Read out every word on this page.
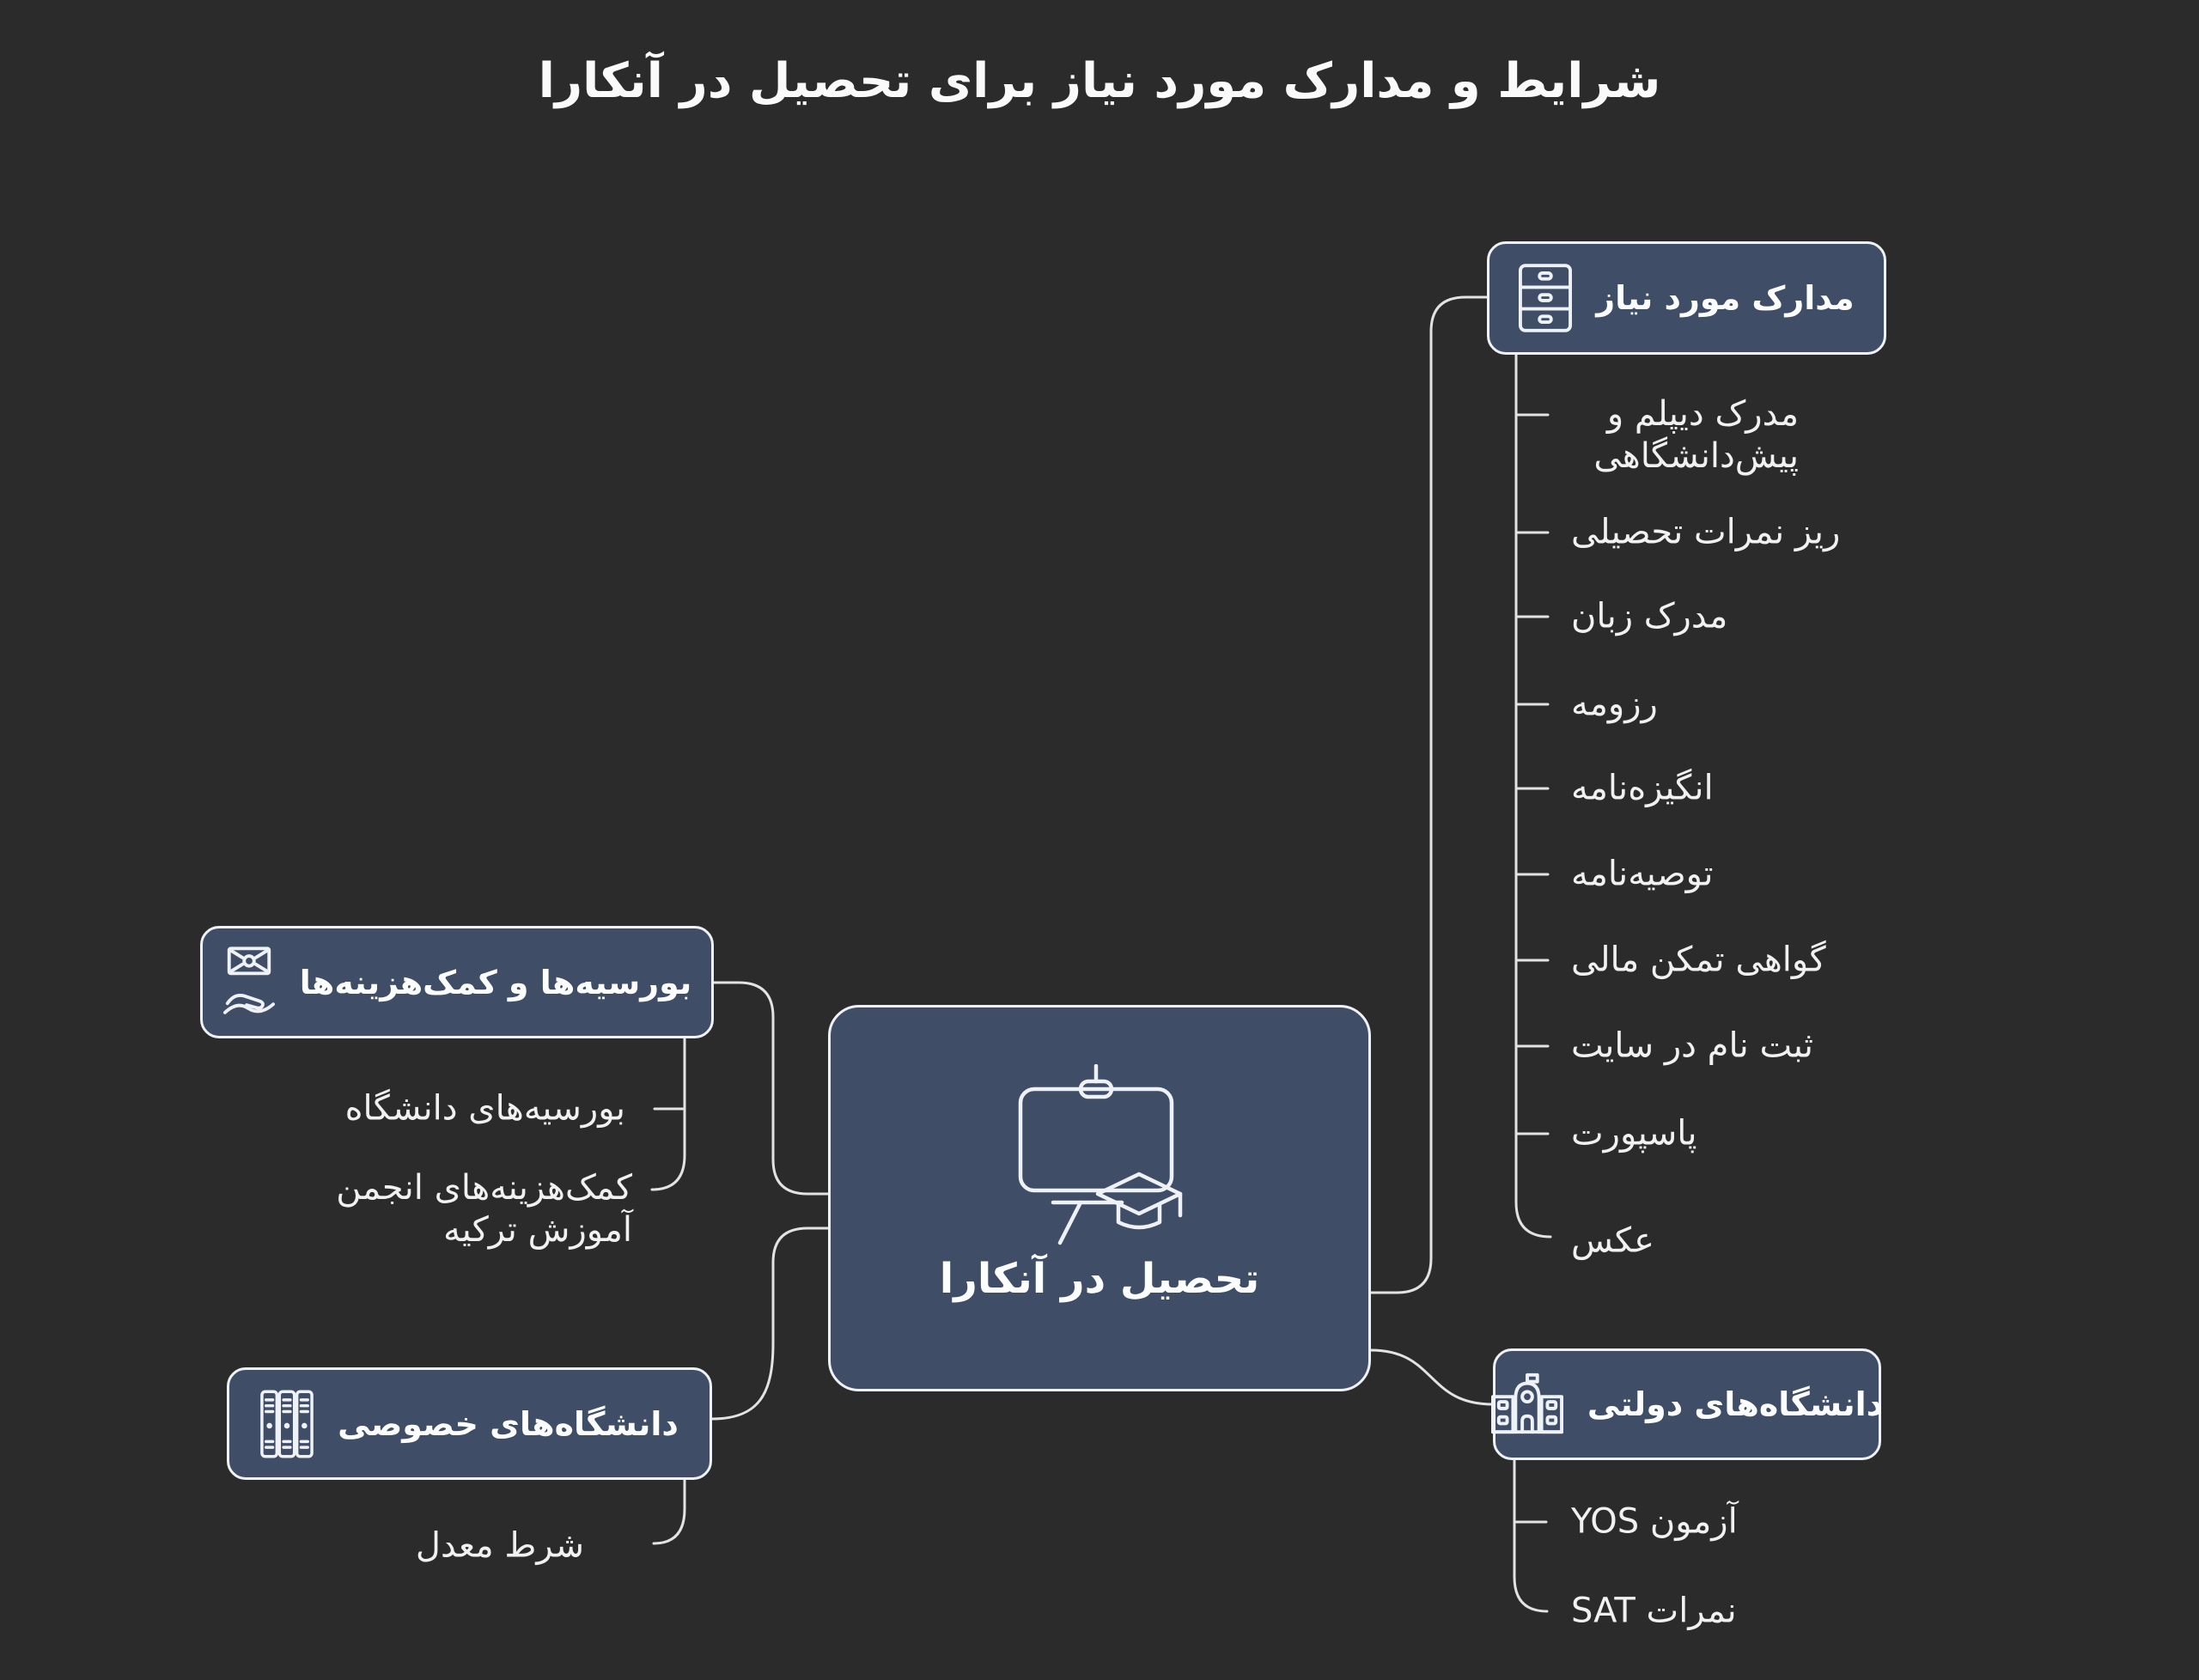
شرایط و مدارک مورد نیاز برای تحصیل در آنکارا
تحصیل در آنکارا
مدارک مورد نیاز
مدرک دیپلم و پیش‌دانشگاهی
ریز نمرات تحصیلی
مدرک زبان
رزومه
انگیزه‌نامه
توصیه‌نامه
گواهی تمکن مالی
ثبت نام در سایت
پاسپورت
عکس
بورسیه‌ها و کمک‌هزینه‌ها
بورسیه‌های دانشگاه
کمک‌هزینه‌های انجمن آموزش ترکیه
دانشگاه‌های خصوصی
شرط معدل
دانشگاه‌های دولتی
آزمون YOS
نمرات SAT
